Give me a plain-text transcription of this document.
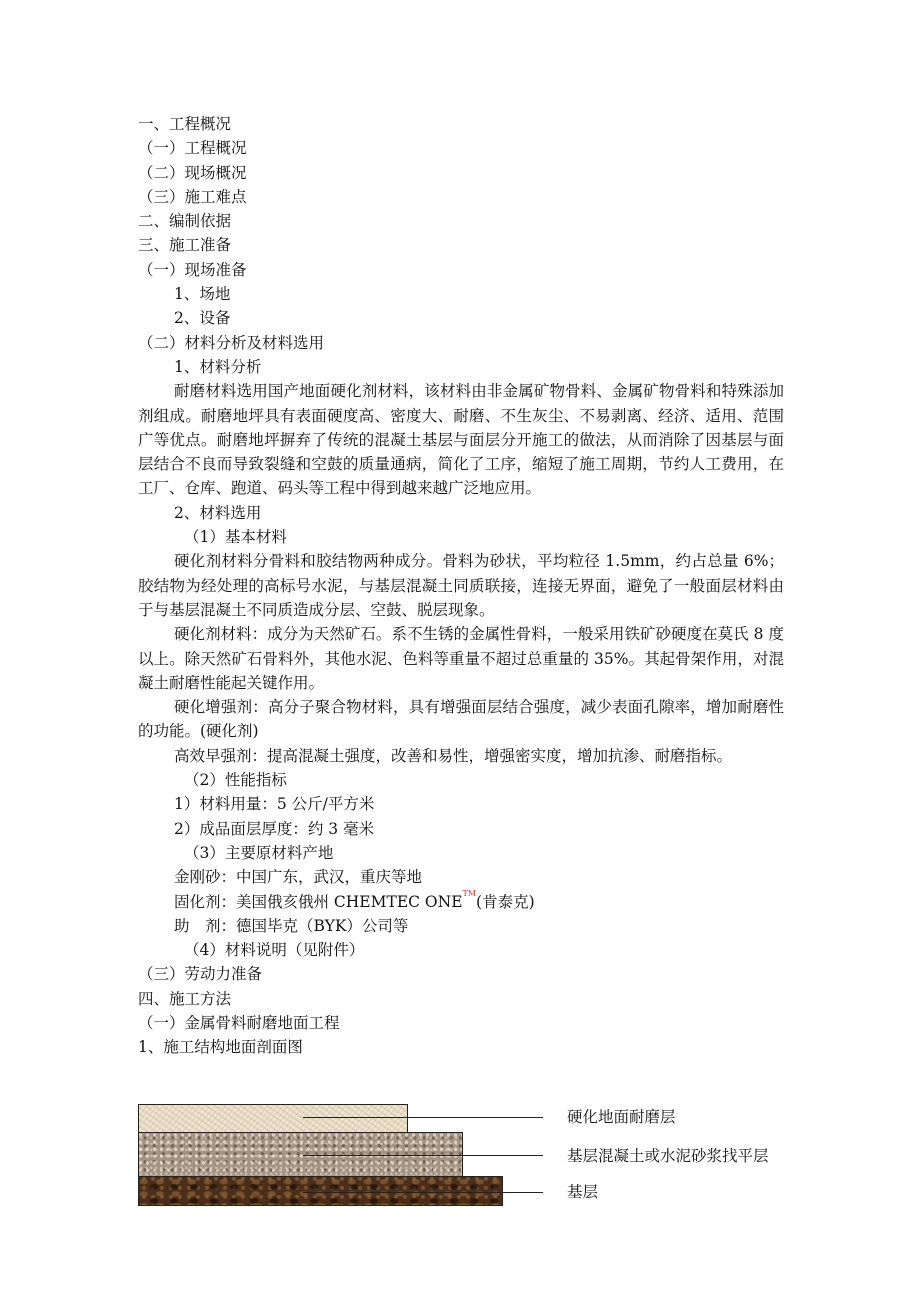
一、工程概况
（一）工程概况
（二）现场概况
（三）施工难点
二、编制依据
三、施工准备
（一）现场准备
1、场地
2、设备
（二）材料分析及材料选用
1、材料分析

耐磨材料选用国产地面硬化剂材料，该材料由非金属矿物骨料、金属矿物骨料和特殊添加剂组成。耐磨地坪具有表面硬度高、密度大、耐磨、不生灰尘、不易剥离、经济、适用、范围广等优点。耐磨地坪摒弃了传统的混凝土基层与面层分开施工的做法，从而消除了因基层与面层结合不良而导致裂缝和空鼓的质量通病，简化了工序，缩短了施工周期，节约人工费用，在工厂、仓库、跑道、码头等工程中得到越来越广泛地应用。

2、材料选用
（1）基本材料

硬化剂材料分骨料和胶结物两种成分。骨料为砂状，平均粒径 1.5mm，约占总量 6%；胶结物为经处理的高标号水泥，与基层混凝土同质联接，连接无界面，避免了一般面层材料由于与基层混凝土不同质造成分层、空鼓、脱层现象。

硬化剂材料：成分为天然矿石。系不生锈的金属性骨料，一般采用铁矿砂硬度在莫氏 8 度以上。除天然矿石骨料外，其他水泥、色料等重量不超过总重量的 35%。其起骨架作用，对混凝土耐磨性能起关键作用。

硬化增强剂：高分子聚合物材料，具有增强面层结合强度，减少表面孔隙率，增加耐磨性的功能。(硬化剂)

高效早强剂：提高混凝土强度，改善和易性，增强密实度，增加抗渗、耐磨指标。

（2）性能指标
1）材料用量：5 公斤/平方米
2）成品面层厚度：约 3 毫米
（3）主要原材料产地
金刚砂：中国广东，武汉，重庆等地
固化剂：美国俄亥俄州 CHEMTEC ONE™(肯泰克)
助　剂：德国毕克（BYK）公司等
（4）材料说明（见附件）
（三）劳动力准备
四、施工方法
（一）金属骨料耐磨地面工程
1、施工结构地面剖面图
硬化地面耐磨层
基层混凝土或水泥砂浆找平层
基层
